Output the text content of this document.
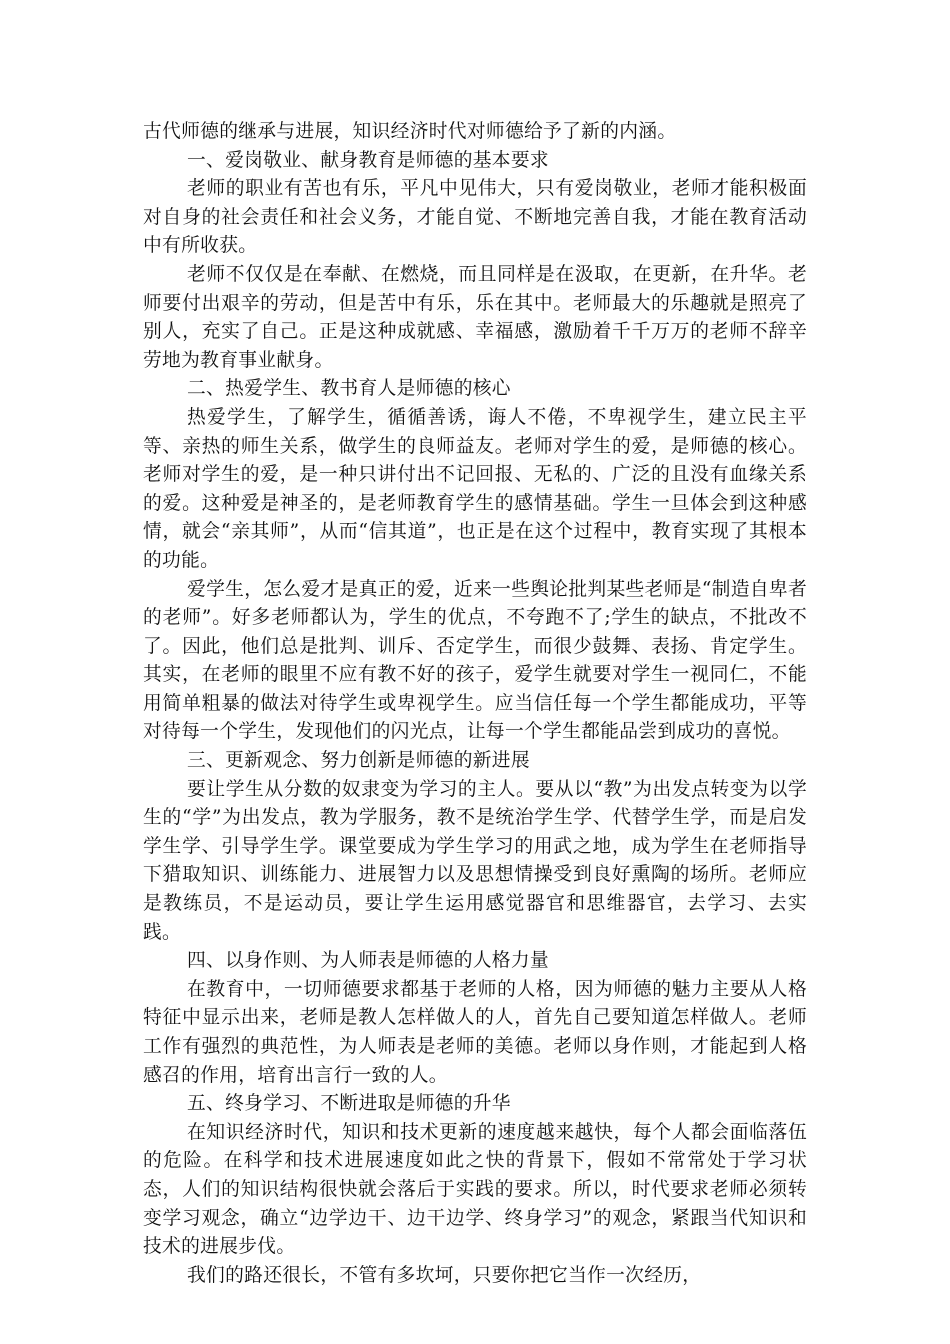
古代师德的继承与进展，知识经济时代对师德给予了新的内涵。

一、爱岗敬业、献身教育是师德的基本要求

老师的职业有苦也有乐，平凡中见伟大，只有爱岗敬业，老师才能积极面对自身的社会责任和社会义务，才能自觉、不断地完善自我，才能在教育活动中有所收获。

老师不仅仅是在奉献、在燃烧，而且同样是在汲取，在更新，在升华。老师要付出艰辛的劳动，但是苦中有乐，乐在其中。老师最大的乐趣就是照亮了别人，充实了自己。正是这种成就感、幸福感，激励着千千万万的老师不辞辛劳地为教育事业献身。

二、热爱学生、教书育人是师德的核心

热爱学生，了解学生，循循善诱，诲人不倦，不卑视学生，建立民主平等、亲热的师生关系，做学生的良师益友。老师对学生的爱，是师德的核心。老师对学生的爱，是一种只讲付出不记回报、无私的、广泛的且没有血缘关系的爱。这种爱是神圣的，是老师教育学生的感情基础。学生一旦体会到这种感情，就会“亲其师”，从而“信其道”，也正是在这个过程中，教育实现了其根本的功能。

爱学生，怎么爱才是真正的爱，近来一些舆论批判某些老师是“制造自卑者的老师”。好多老师都认为，学生的优点，不夸跑不了;学生的缺点，不批改不了。因此，他们总是批判、训斥、否定学生，而很少鼓舞、表扬、肯定学生。其实，在老师的眼里不应有教不好的孩子，爱学生就要对学生一视同仁，不能用简单粗暴的做法对待学生或卑视学生。应当信任每一个学生都能成功，平等对待每一个学生，发现他们的闪光点，让每一个学生都能品尝到成功的喜悦。

三、更新观念、努力创新是师德的新进展

要让学生从分数的奴隶变为学习的主人。要从以“教”为出发点转变为以学生的“学”为出发点，教为学服务，教不是统治学生学、代替学生学，而是启发学生学、引导学生学。课堂要成为学生学习的用武之地，成为学生在老师指导下猎取知识、训练能力、进展智力以及思想情操受到良好熏陶的场所。老师应是教练员，不是运动员，要让学生运用感觉器官和思维器官，去学习、去实践。

四、以身作则、为人师表是师德的人格力量

在教育中，一切师德要求都基于老师的人格，因为师德的魅力主要从人格特征中显示出来，老师是教人怎样做人的人，首先自己要知道怎样做人。老师工作有强烈的典范性，为人师表是老师的美德。老师以身作则，才能起到人格感召的作用，培育出言行一致的人。

五、终身学习、不断进取是师德的升华

在知识经济时代，知识和技术更新的速度越来越快，每个人都会面临落伍的危险。在科学和技术进展速度如此之快的背景下，假如不常常处于学习状态，人们的知识结构很快就会落后于实践的要求。所以，时代要求老师必须转变学习观念，确立“边学边干、边干边学、终身学习”的观念，紧跟当代知识和技术的进展步伐。

我们的路还很长，不管有多坎坷，只要你把它当作一次经历，
